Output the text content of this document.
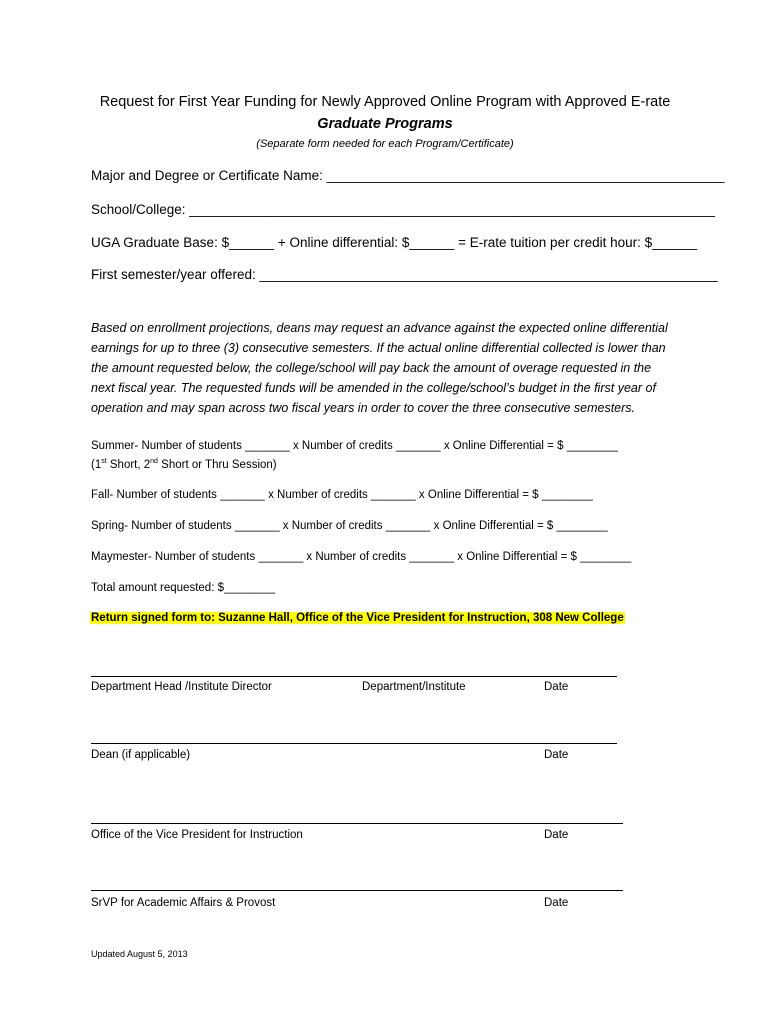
Request for First Year Funding for Newly Approved Online Program with Approved E-rate
Graduate Programs
(Separate form needed for each Program/Certificate)
Major and Degree or Certificate Name: _____________________________________________________
School/College: ______________________________________________________________________
UGA Graduate Base: $______ + Online differential: $______ = E-rate tuition per credit hour: $______
First semester/year offered: _____________________________________________________________

Based on enrollment projections, deans may request an advance against the expected online differential

earnings for up to three (3) consecutive semesters. If the actual online differential collected is lower than

the amount requested below, the college/school will pay back the amount of overage requested in the

next fiscal year. The requested funds will be amended in the college/school’s budget in the first year of

operation and may span across two fiscal years in order to cover the three consecutive semesters.

Summer- Number of students _______ x Number of credits _______ x Online Differential = $ ________
(1st Short, 2nd Short or Thru Session)
Fall- Number of students _______ x Number of credits _______ x Online Differential = $ ________
Spring- Number of students _______ x Number of credits _______ x Online Differential = $ ________
Maymester- Number of students _______ x Number of credits _______ x Online Differential = $ ________
Total amount requested: $________
Return signed form to: Suzanne Hall, Office of the Vice President for Instruction, 308 New College
Department Head /Institute Director	Department/Institute	Date
Dean (if applicable)	Date
Office of the Vice President for Instruction	Date
SrVP for Academic Affairs & Provost	Date
Updated August 5, 2013
